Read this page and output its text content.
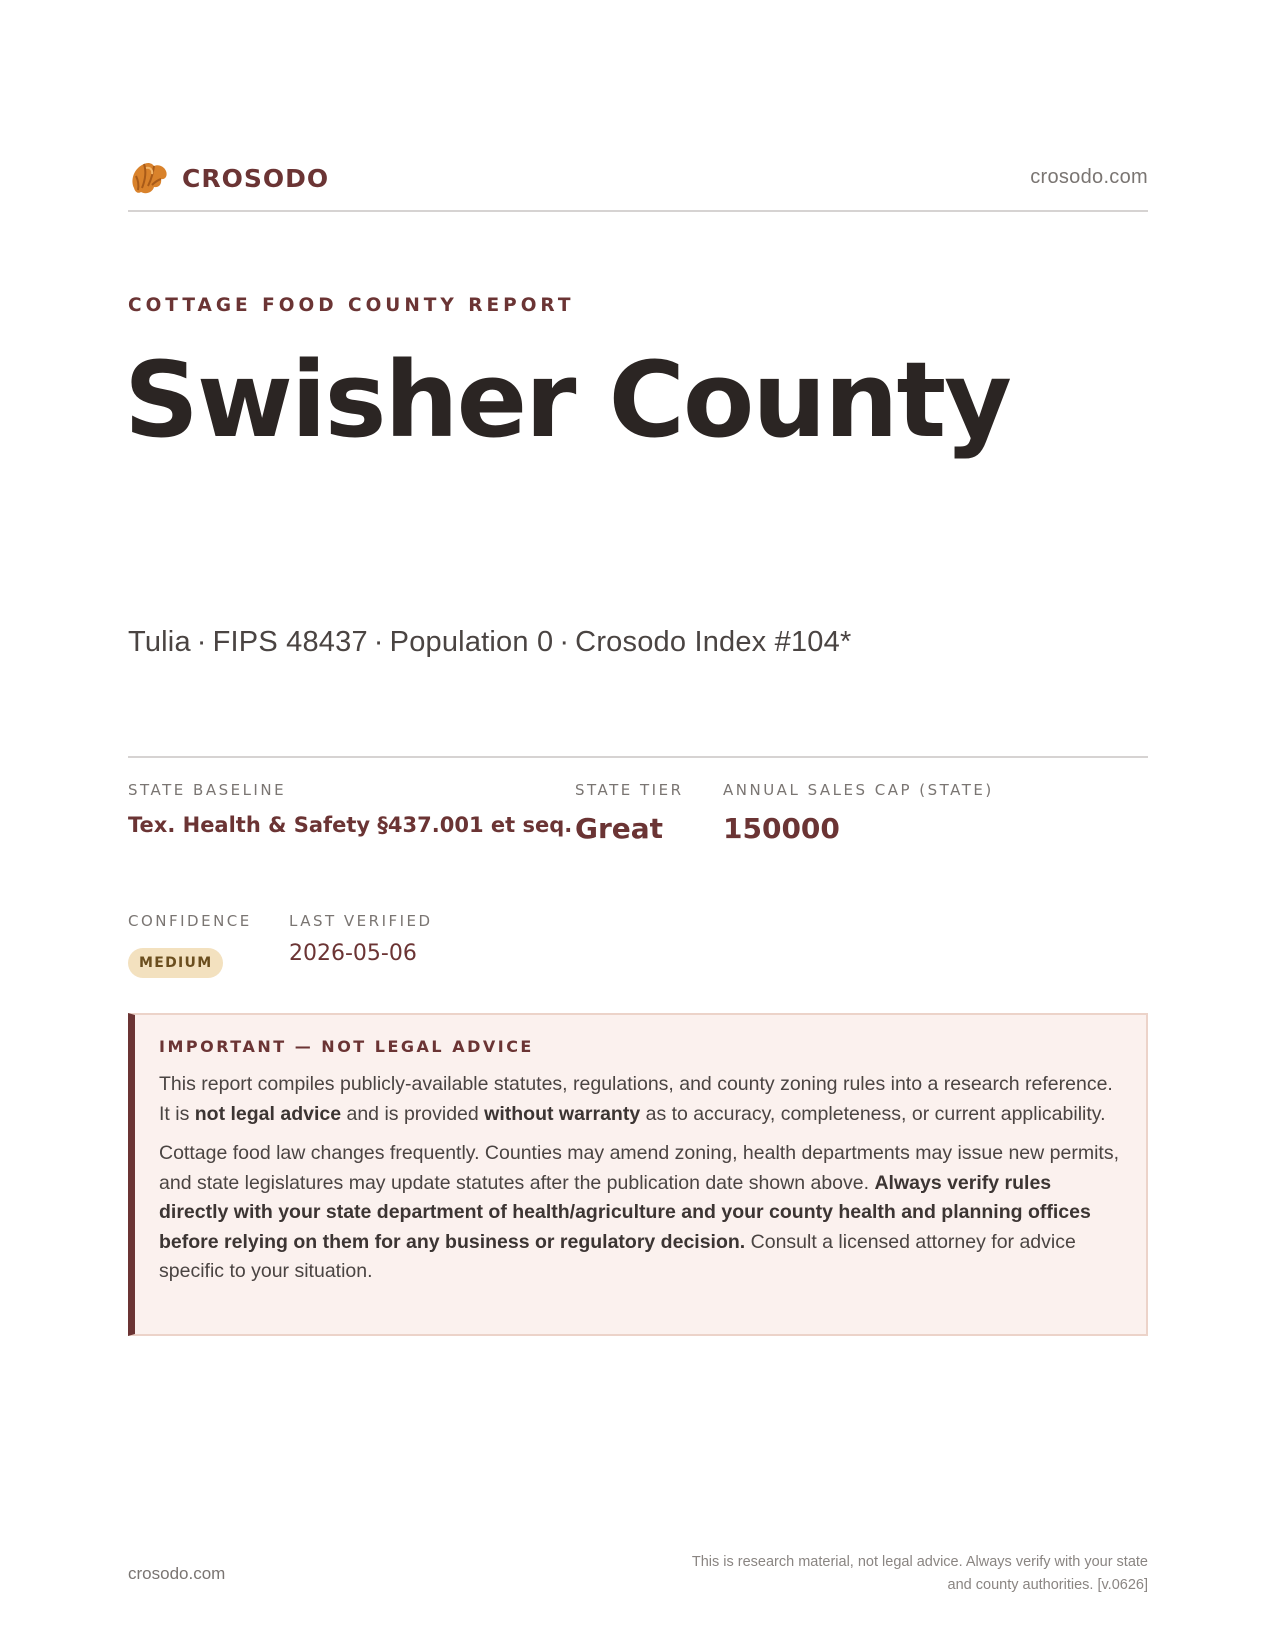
CROSODO	crosodo.com
COTTAGE FOOD COUNTY REPORT
Swisher County
Tulia · FIPS 48437 · Population 0 · Crosodo Index #104*
STATE BASELINE
Tex. Health & Safety §437.001 et seq.
STATE TIER
Great
ANNUAL SALES CAP (STATE)
150000
CONFIDENCE
MEDIUM
LAST VERIFIED
2026-05-06
IMPORTANT — NOT LEGAL ADVICE

This report compiles publicly-available statutes, regulations, and county zoning rules into a research reference. It is not legal advice and is provided without warranty as to accuracy, completeness, or current applicability.

Cottage food law changes frequently. Counties may amend zoning, health departments may issue new permits, and state legislatures may update statutes after the publication date shown above. Always verify rules directly with your state department of health/agriculture and your county health and planning offices before relying on them for any business or regulatory decision. Consult a licensed attorney for advice specific to your situation.

crosodo.com
This is research material, not legal advice. Always verify with your state
and county authorities. [v.0626]
